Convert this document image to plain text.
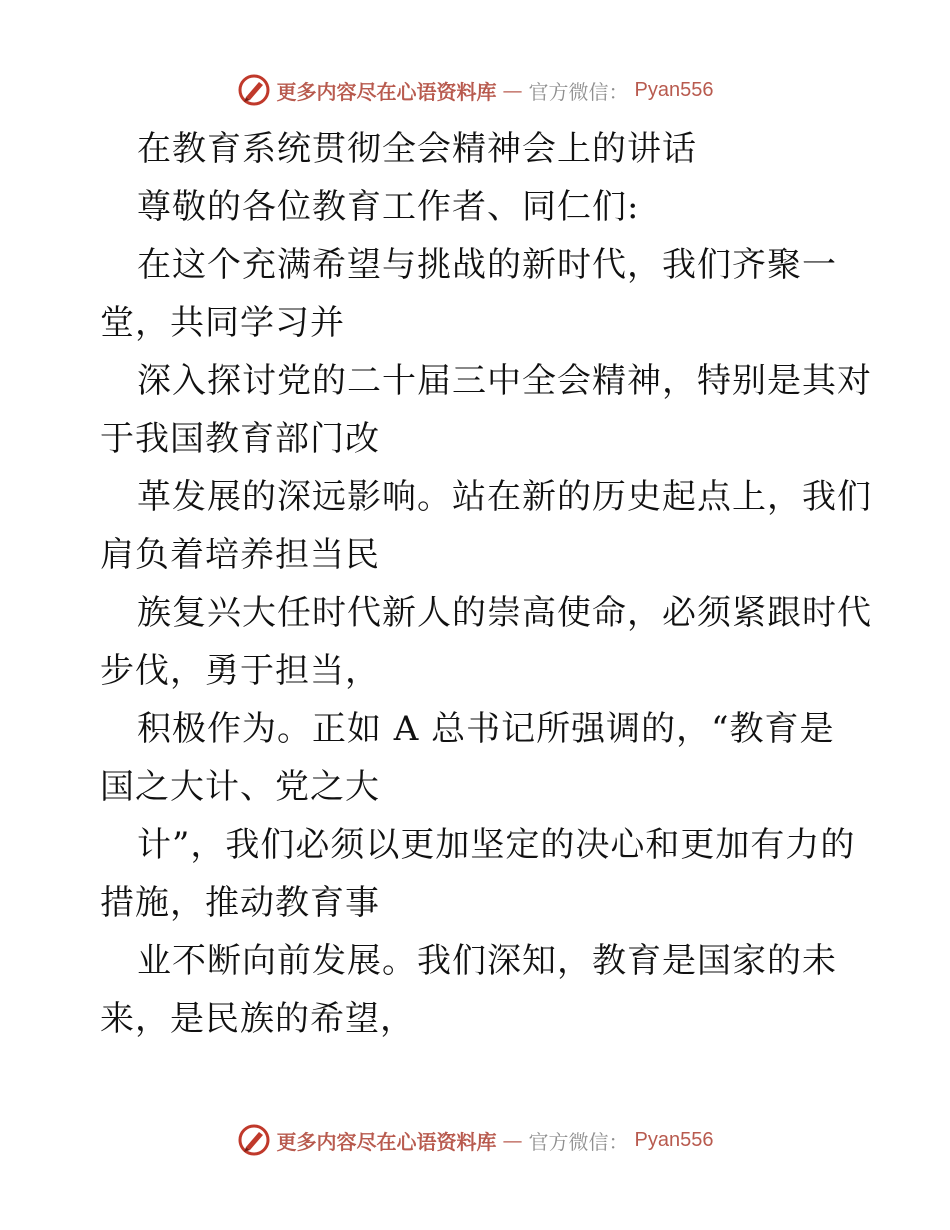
更多内容尽在心语资料库 — 官方微信： Pyan556
在教育系统贯彻全会精神会上的讲话
尊敬的各位教育工作者、同仁们:
在这个充满希望与挑战的新时代，我们齐聚一
堂，共同学习并
深入探讨党的二十届三中全会精神，特别是其对
于我国教育部门改
革发展的深远影响。站在新的历史起点上，我们
肩负着培养担当民
族复兴大任时代新人的崇高使命，必须紧跟时代
步伐，勇于担当，
积极作为。正如 A 总书记所强调的，“教育是
国之大计、党之大
计”，我们必须以更加坚定的决心和更加有力的
措施，推动教育事
业不断向前发展。我们深知，教育是国家的未
来，是民族的希望，
更多内容尽在心语资料库 — 官方微信： Pyan556
